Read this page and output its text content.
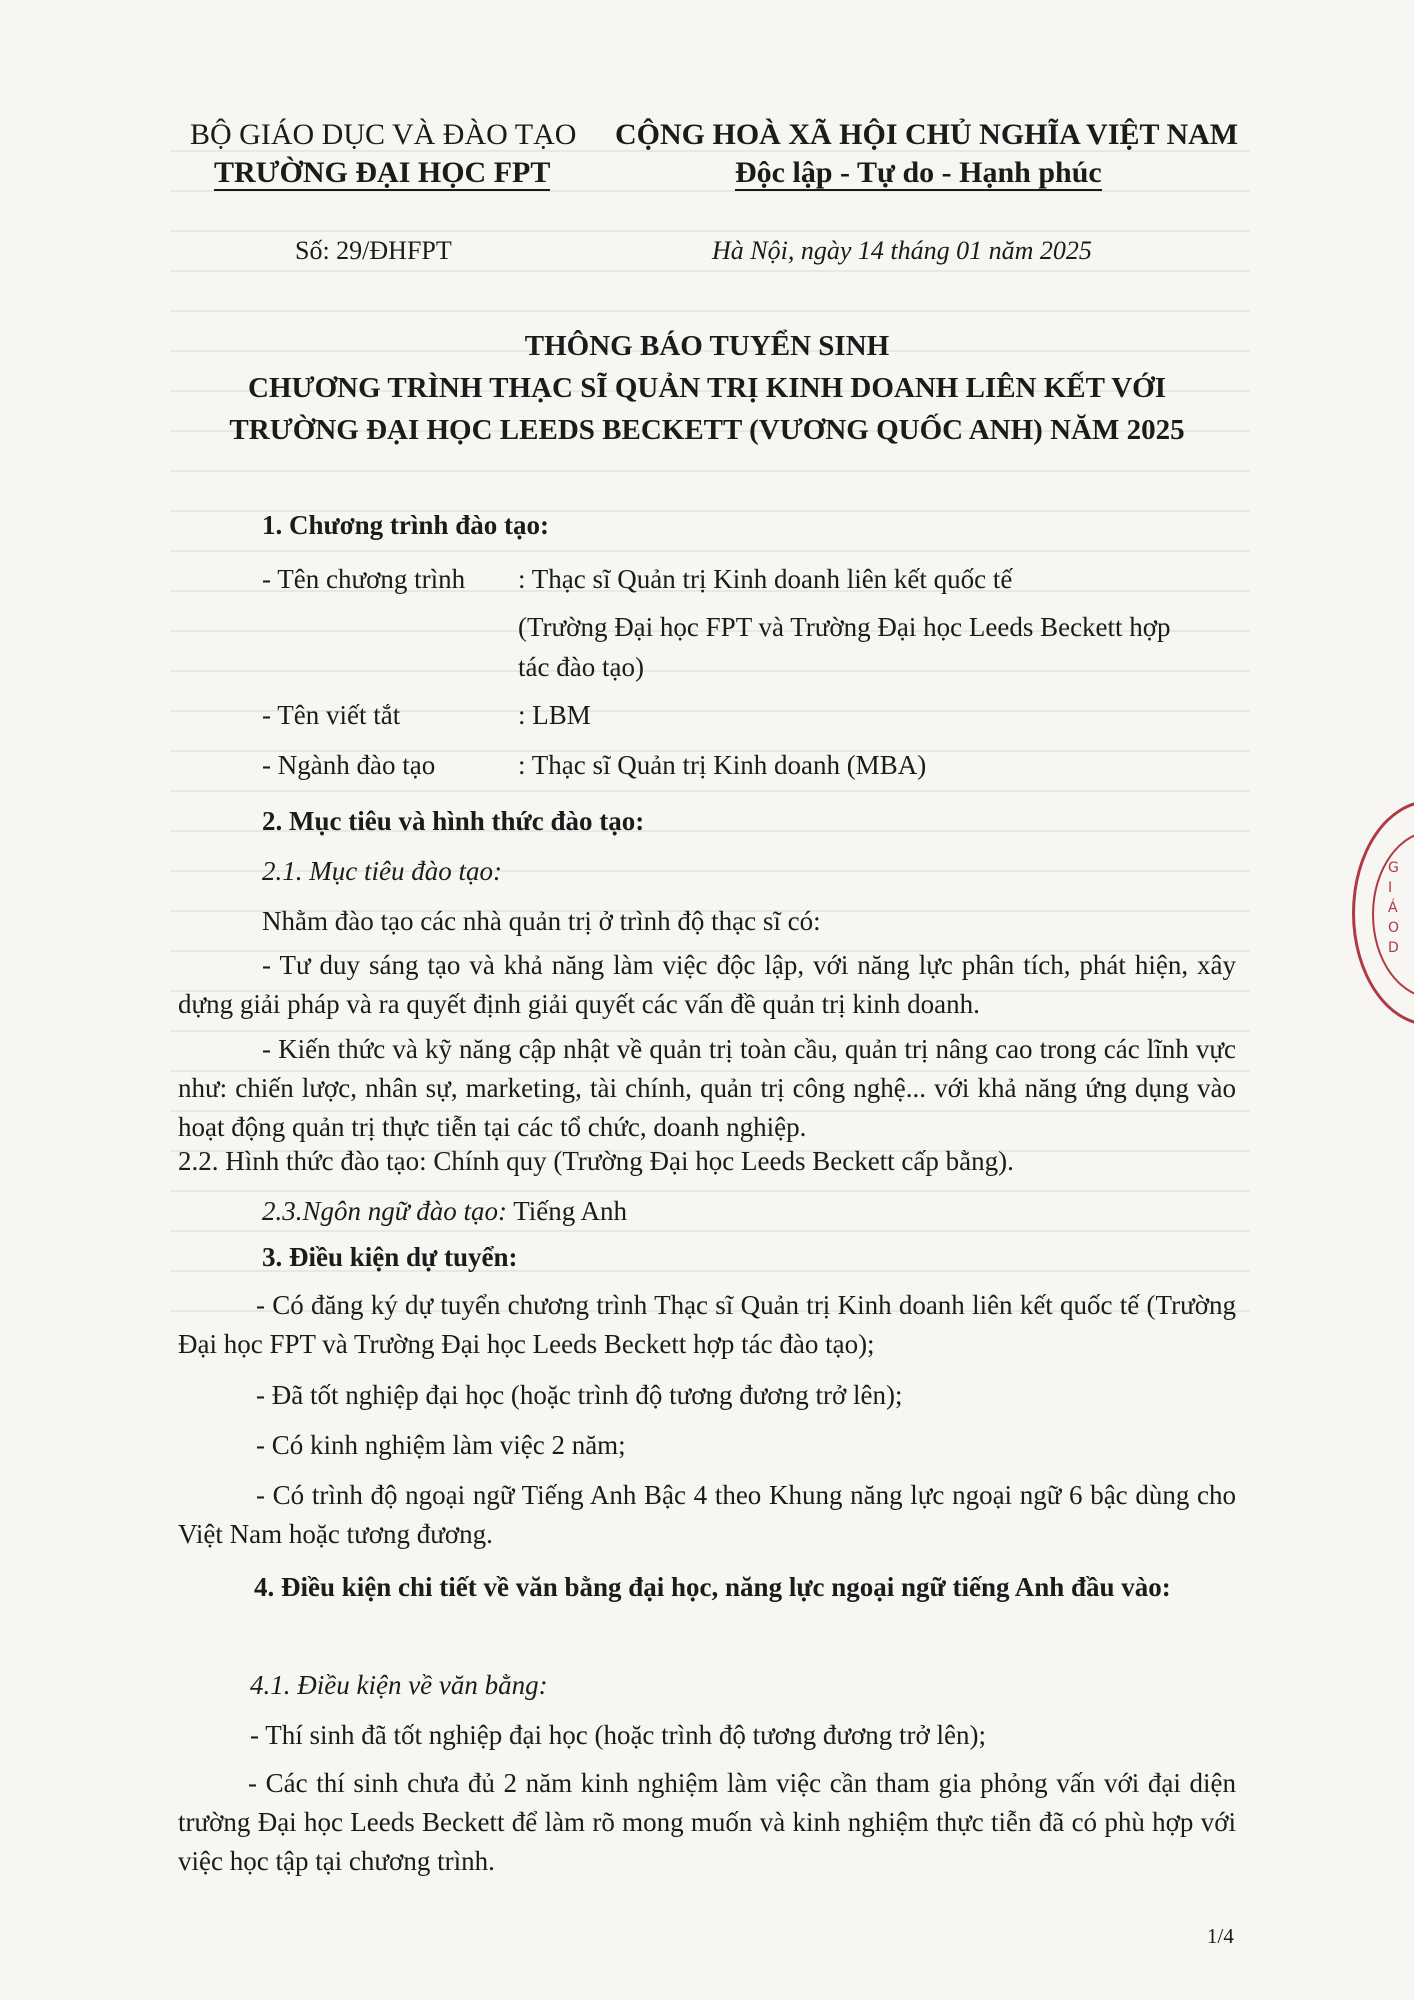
BỘ GIÁO DỤC VÀ ĐÀO TẠO
TRƯỜNG ĐẠI HỌC FPT
CỘNG HOÀ XÃ HỘI CHỦ NGHĨA VIỆT NAM
Độc lập - Tự do - Hạnh phúc
Số: 29/ĐHFPT	Hà Nội, ngày 14 tháng 01 năm 2025
THÔNG BÁO TUYỂN SINH
CHƯƠNG TRÌNH THẠC SĨ QUẢN TRỊ KINH DOANH LIÊN KẾT VỚI
TRƯỜNG ĐẠI HỌC LEEDS BECKETT (VƯƠNG QUỐC ANH) NĂM 2025
1. Chương trình đào tạo:
- Tên chương trình : Thạc sĩ Quản trị Kinh doanh liên kết quốc tế
(Trường Đại học FPT và Trường Đại học Leeds Beckett hợp
tác đào tạo)
- Tên viết tắt	: LBM
- Ngành đào tạo	: Thạc sĩ Quản trị Kinh doanh (MBA)
2. Mục tiêu và hình thức đào tạo:
2.1. Mục tiêu đào tạo:
Nhằm đào tạo các nhà quản trị ở trình độ thạc sĩ có:
- Tư duy sáng tạo và khả năng làm việc độc lập, với năng lực phân tích, phát hiện, xây dựng giải pháp và ra quyết định giải quyết các vấn đề quản trị kinh doanh.
- Kiến thức và kỹ năng cập nhật về quản trị toàn cầu, quản trị nâng cao trong các lĩnh vực như: chiến lược, nhân sự, marketing, tài chính, quản trị công nghệ... với khả năng ứng dụng vào hoạt động quản trị thực tiễn tại các tổ chức, doanh nghiệp.
2.2. Hình thức đào tạo: Chính quy (Trường Đại học Leeds Beckett cấp bằng).
2.3.Ngôn ngữ đào tạo: Tiếng Anh
3. Điều kiện dự tuyển:
- Có đăng ký dự tuyển chương trình Thạc sĩ Quản trị Kinh doanh liên kết quốc tế (Trường Đại học FPT và Trường Đại học Leeds Beckett hợp tác đào tạo);
- Đã tốt nghiệp đại học (hoặc trình độ tương đương trở lên);
- Có kinh nghiệm làm việc 2 năm;
- Có trình độ ngoại ngữ Tiếng Anh Bậc 4 theo Khung năng lực ngoại ngữ 6 bậc dùng cho Việt Nam hoặc tương đương.
4. Điều kiện chi tiết về văn bằng đại học, năng lực ngoại ngữ tiếng Anh đầu vào:
4.1. Điều kiện về văn bằng:
- Thí sinh đã tốt nghiệp đại học (hoặc trình độ tương đương trở lên);
- Các thí sinh chưa đủ 2 năm kinh nghiệm làm việc cần tham gia phỏng vấn với đại diện trường Đại học Leeds Beckett để làm rõ mong muốn và kinh nghiệm thực tiễn đã có phù hợp với việc học tập tại chương trình.
1/4
GIÁO D
